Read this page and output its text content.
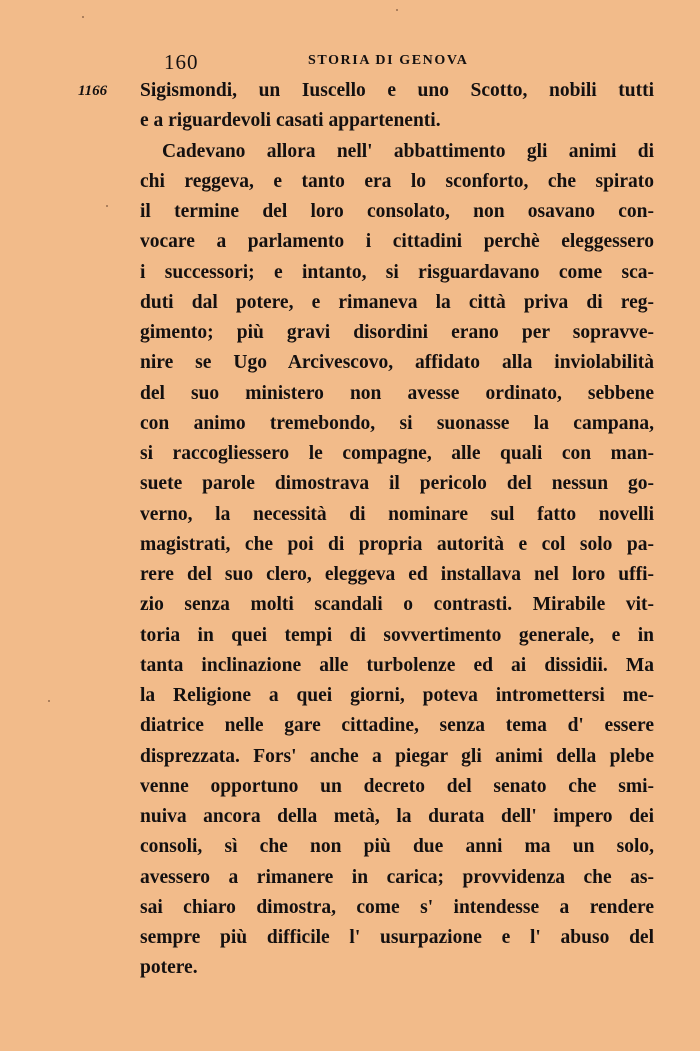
160	STORIA DI GENOVA
1166 Sigismondi, un Iuscello e uno Scotto, nobili tutti
e a riguardevoli casati appartenenti.
Cadevano allora nell' abbattimento gli animi di
chi reggeva, e tanto era lo sconforto, che spirato
il termine del loro consolato, non osavano con-
vocare a parlamento i cittadini perchè eleggessero
i successori; e intanto, si risguardavano come sca-
duti dal potere, e rimaneva la città priva di reg-
gimento; più gravi disordini erano per sopravve-
nire se Ugo Arcivescovo, affidato alla inviolabilità
del suo ministero non avesse ordinato, sebbene
con animo tremebondo, si suonasse la campana,
si raccogliessero le compagne, alle quali con man-
suete parole dimostrava il pericolo del nessun go-
verno, la necessità di nominare sul fatto novelli
magistrati, che poi di propria autorità e col solo pa-
rere del suo clero, eleggeva ed installava nel loro uffi-
zio senza molti scandali o contrasti. Mirabile vit-
toria in quei tempi di sovvertimento generale, e in
tanta inclinazione alle turbolenze ed ai dissidii. Ma
la Religione a quei giorni, poteva intromettersi me-
diatrice nelle gare cittadine, senza tema d' essere
disprezzata. Fors' anche a piegar gli animi della plebe
venne opportuno un decreto del senato che smi-
nuiva ancora della metà, la durata dell' impero dei
consoli, sì che non più due anni ma un solo,
avessero a rimanere in carica; provvidenza che as-
sai chiaro dimostra, come s' intendesse a rendere
sempre più difficile l' usurpazione e l' abuso del
potere.
